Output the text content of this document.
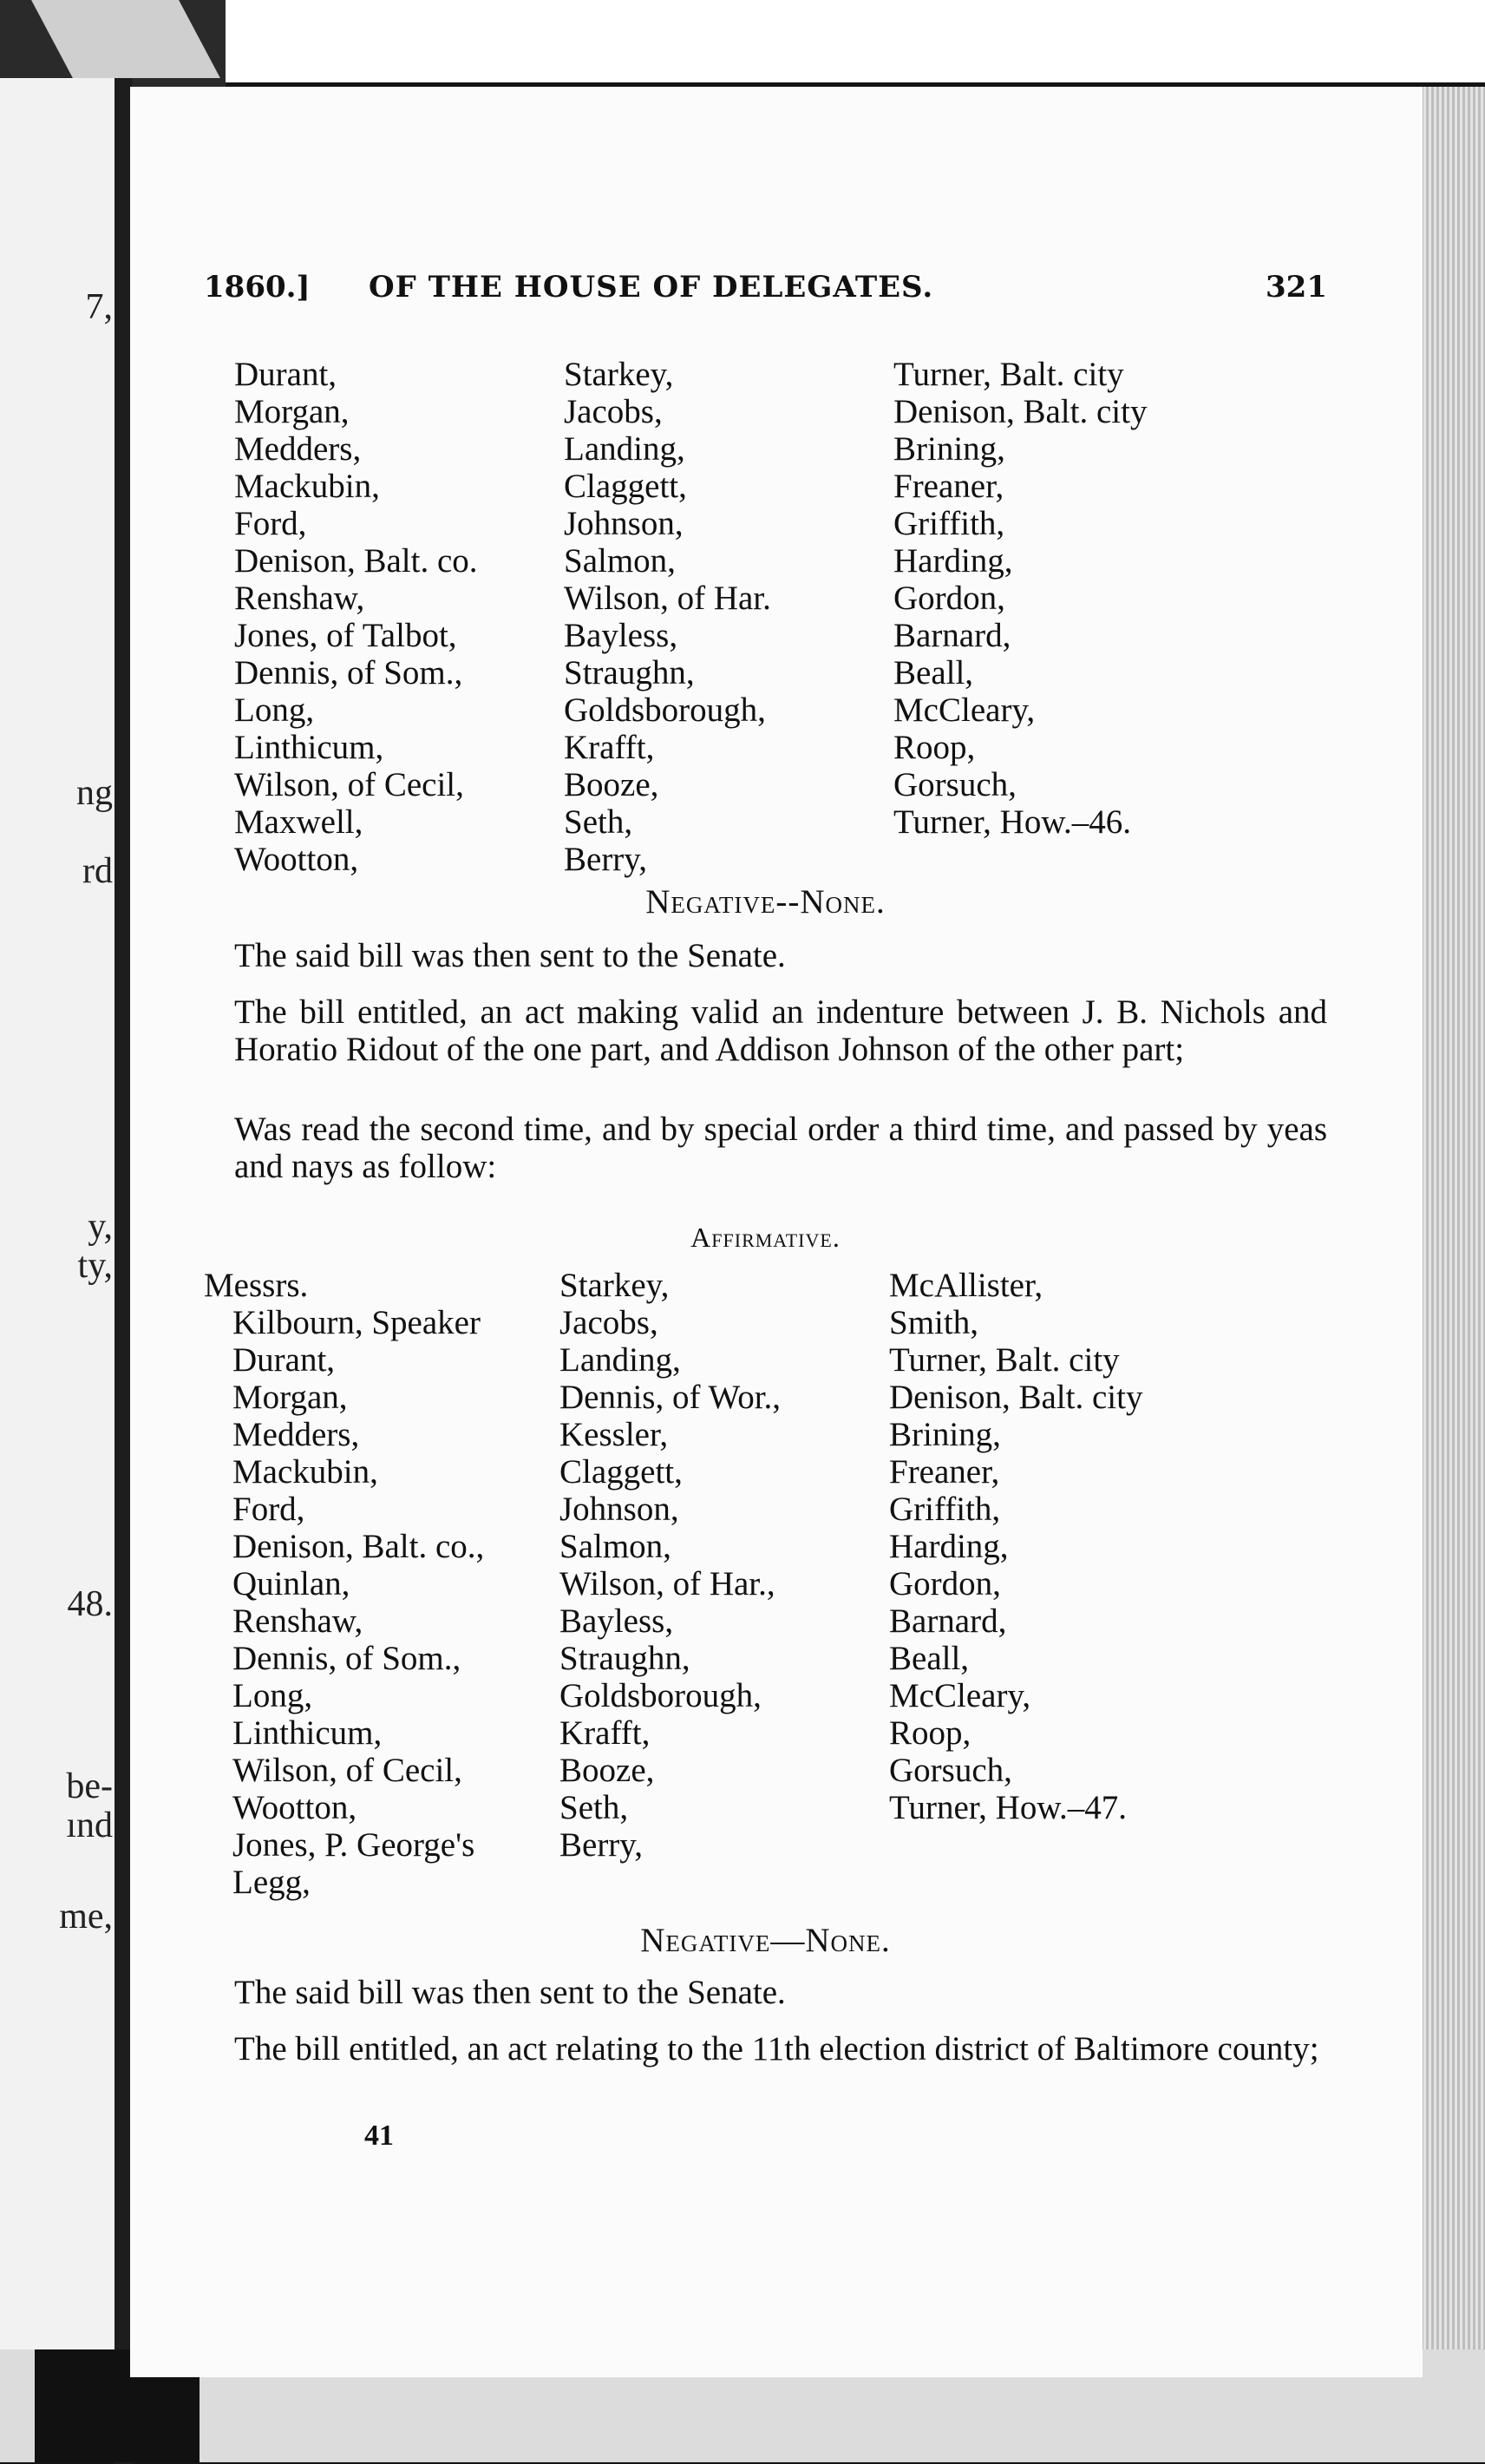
7,
ng
rd
y,
ty,
48.
be-
ınd
me,
1860.] OF THE HOUSE OF DELEGATES.	321
Durant,
Morgan,
Medders,
Mackubin,
Ford,
Denison, Balt. co.
Renshaw,
Jones, of Talbot,
Dennis, of Som.,
Long,
Linthicum,
Wilson, of Cecil,
Maxwell,
Wootton,
Starkey,
Jacobs,
Landing,
Claggett,
Johnson,
Salmon,
Wilson, of Har.
Bayless,
Straughn,
Goldsborough,
Krafft,
Booze,
Seth,
Berry,
Turner, Balt. city
Denison, Balt. city
Brining,
Freaner,
Griffith,
Harding,
Gordon,
Barnard,
Beall,
McCleary,
Roop,
Gorsuch,
Turner, How.–46.
Negative--None.
The said bill was then sent to the Senate.
The bill entitled, an act making valid an indenture between J. B. Nichols and Horatio Ridout of the one part, and Addison Johnson of the other part;
Was read the second time, and by special order a third time, and passed by yeas and nays as follow:
Affirmative.
Messrs.
Kilbourn, Speaker
Durant,
Morgan,
Medders,
Mackubin,
Ford,
Denison, Balt. co.,
Quinlan,
Renshaw,
Dennis, of Som.,
Long,
Linthicum,
Wilson, of Cecil,
Wootton,
Jones, P. George's
Legg,
Starkey,
Jacobs,
Landing,
Dennis, of Wor.,
Kessler,
Claggett,
Johnson,
Salmon,
Wilson, of Har.,
Bayless,
Straughn,
Goldsborough,
Krafft,
Booze,
Seth,
Berry,
McAllister,
Smith,
Turner, Balt. city
Denison, Balt. city
Brining,
Freaner,
Griffith,
Harding,
Gordon,
Barnard,
Beall,
McCleary,
Roop,
Gorsuch,
Turner, How.–47.
Negative—None.
The said bill was then sent to the Senate.
The bill entitled, an act relating to the 11th election district of Baltimore county;
41
